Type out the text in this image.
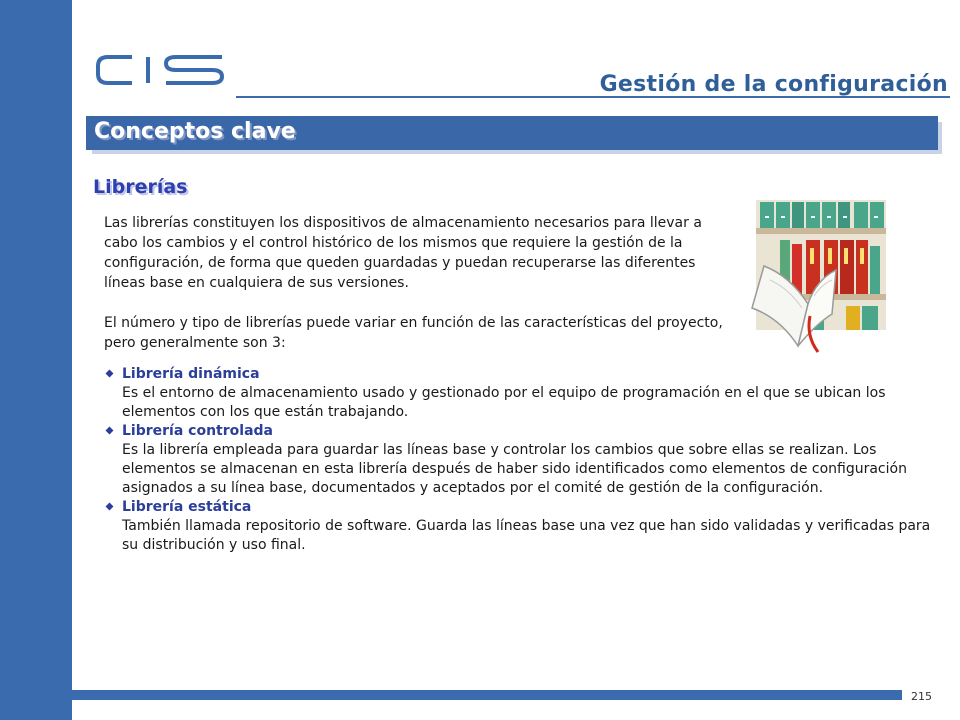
Gestión de la configuración
Conceptos clave
Librerías

Las librerías constituyen los dispositivos de almacenamiento necesarios para llevar a cabo los cambios y el control histórico de los mismos que requiere la gestión de la configuración, de forma que queden guardadas y puedan recuperarse las diferentes líneas base en cualquiera de sus versiones.

El número y tipo de librerías puede variar en función de las características del proyecto, pero generalmente son 3:

Librería dinámica
Es el entorno de almacenamiento usado y gestionado por el equipo de programación en el que se ubican los elementos con los que están trabajando.
Librería controlada
Es la librería empleada para guardar las líneas base y controlar los cambios que sobre ellas se realizan. Los elementos se almacenan en esta librería después de haber sido identificados como elementos de configuración asignados a su línea base, documentados y aceptados por el comité de gestión de la configuración.
Librería estática
También llamada repositorio de software. Guarda las líneas base una vez que han sido validadas y verificadas para su distribución y uso final.
215
